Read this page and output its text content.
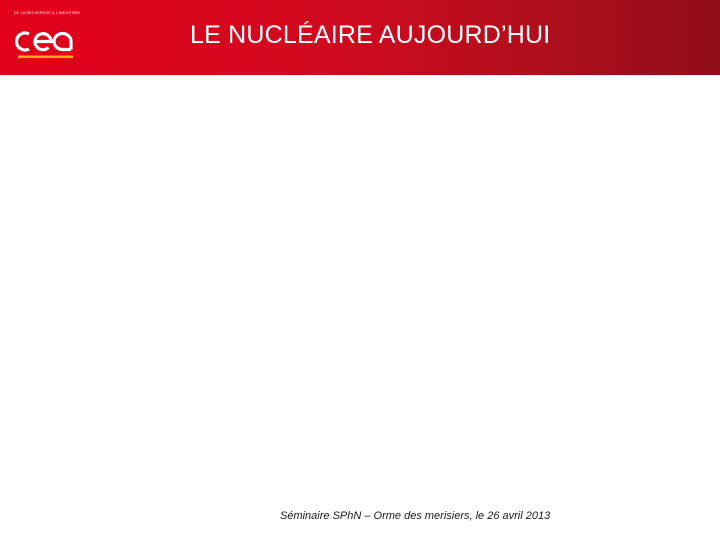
DE LA RECHERCHE À L’INDUSTRIE
LE NUCLÉAIRE AUJOURD’HUI
Séminaire SPhN – Orme des merisiers, le 26 avril 2013
